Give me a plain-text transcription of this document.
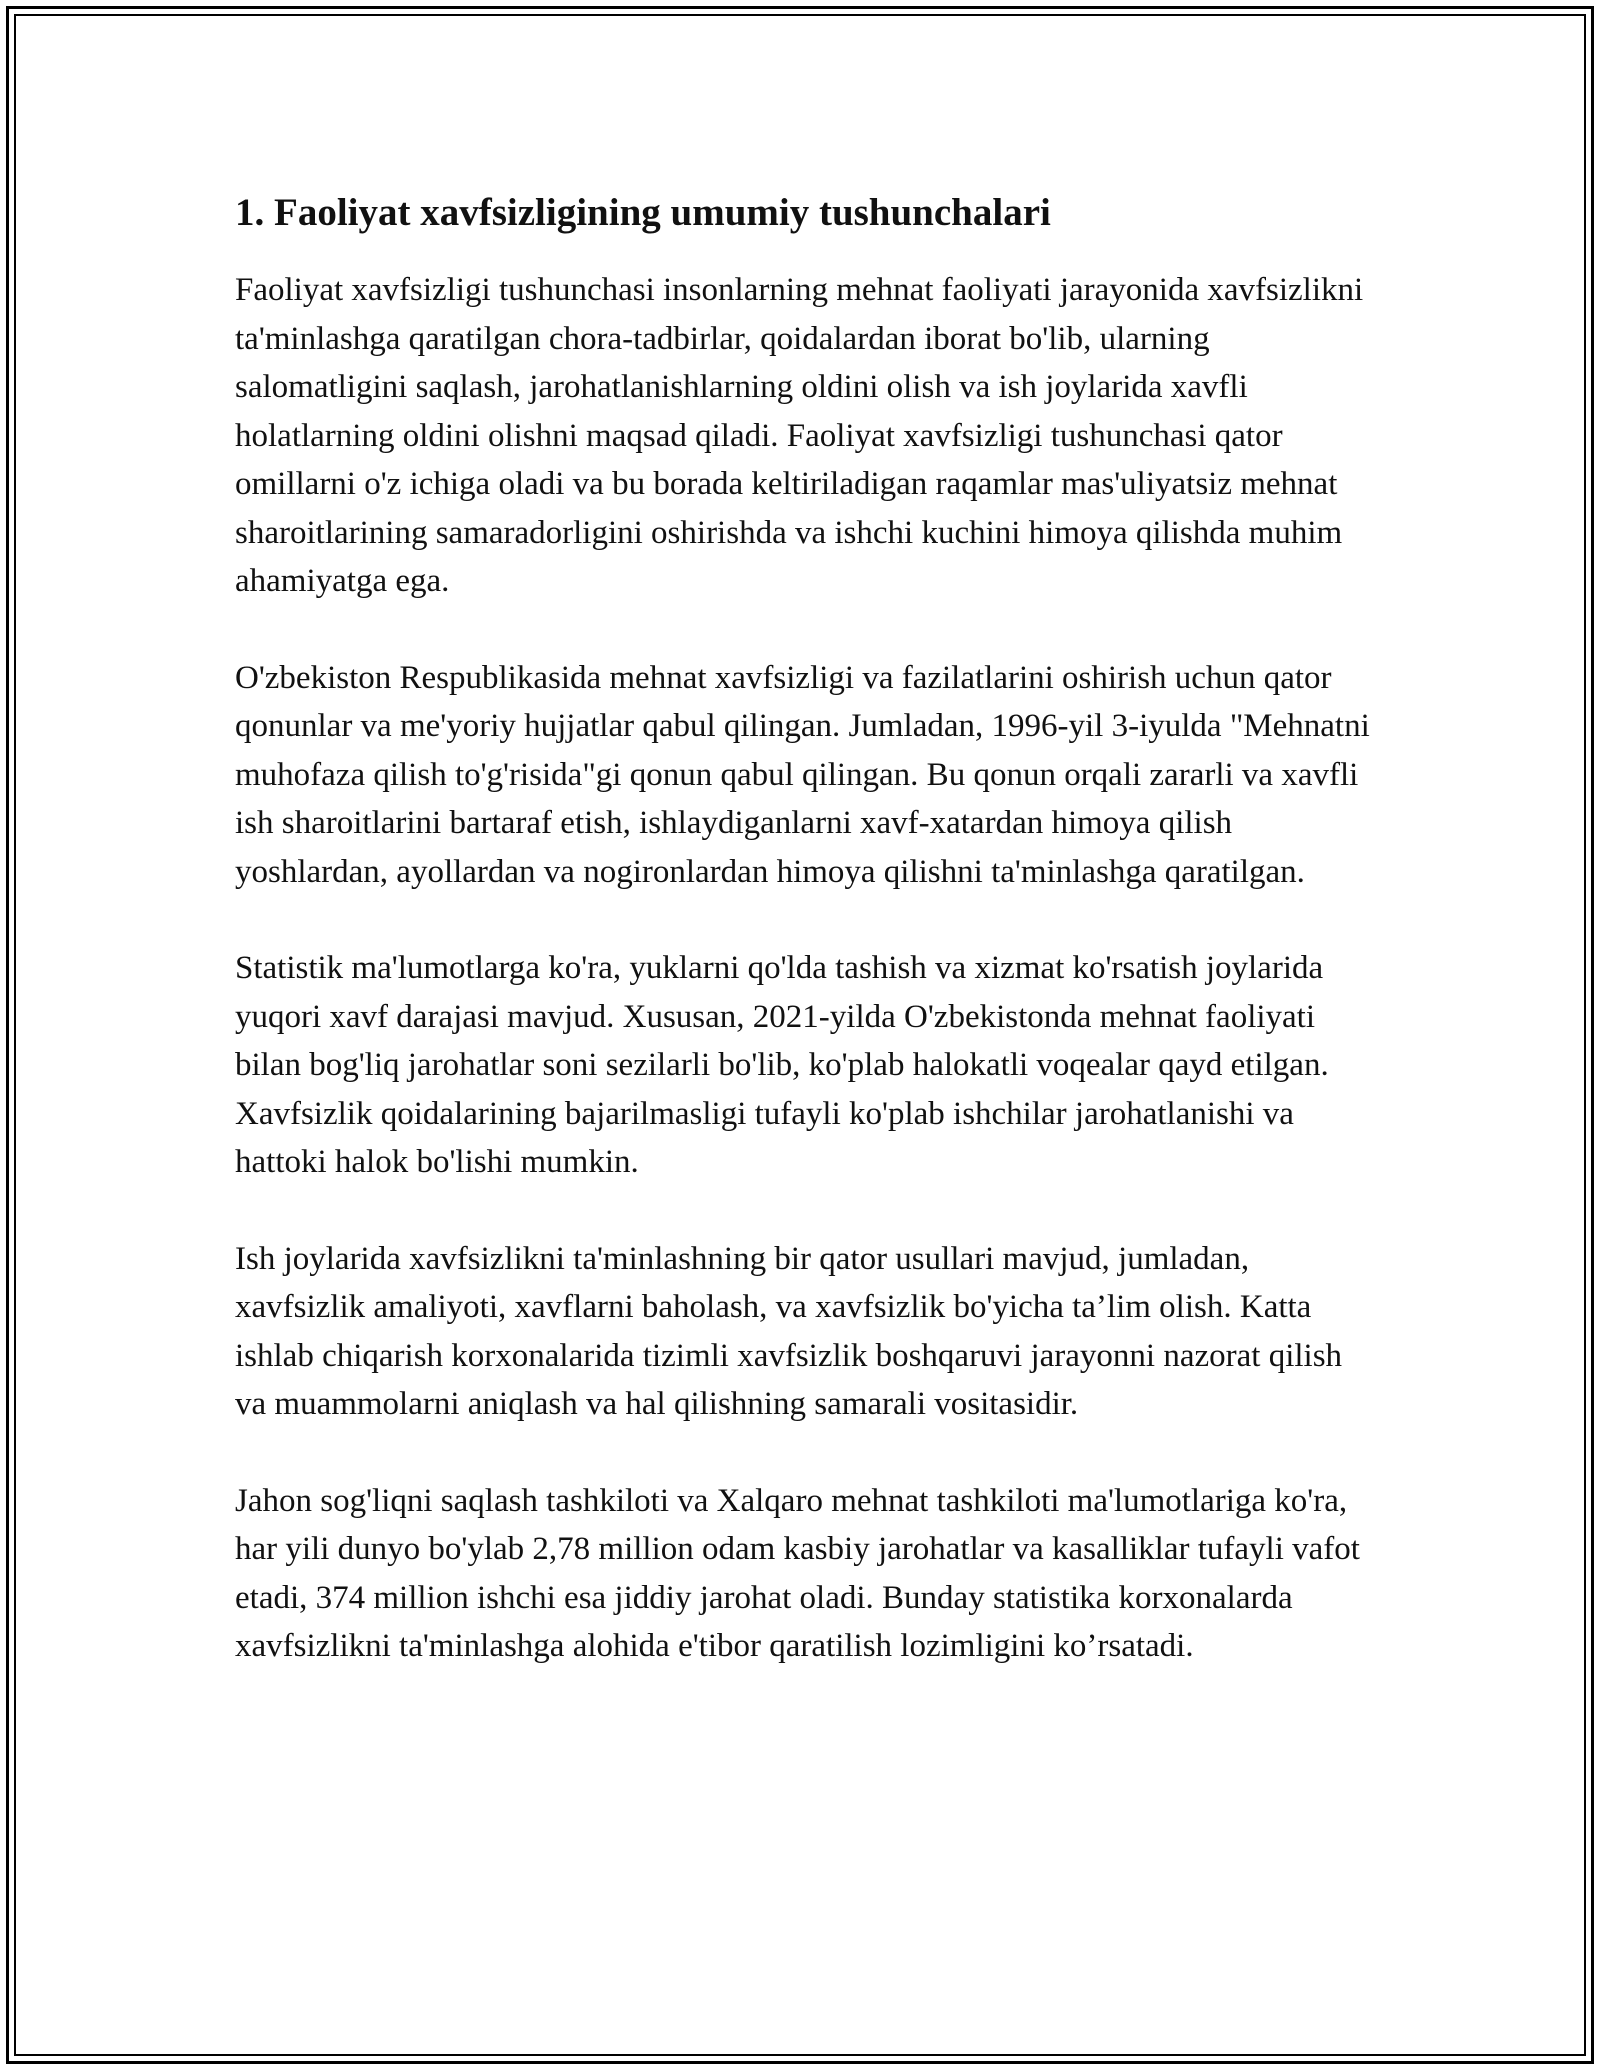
1. Faoliyat xavfsizligining umumiy tushunchalari

Faoliyat xavfsizligi tushunchasi insonlarning mehnat faoliyati jarayonida xavfsizlikni ta'minlashga qaratilgan chora-tadbirlar, qoidalardan iborat bo'lib, ularning salomatligini saqlash, jarohatlanishlarning oldini olish va ish joylarida xavfli holatlarning oldini olishni maqsad qiladi. Faoliyat xavfsizligi tushunchasi qator omillarni o'z ichiga oladi va bu borada keltiriladigan raqamlar mas'uliyatsiz mehnat sharoitlarining samaradorligini oshirishda va ishchi kuchini himoya qilishda muhim ahamiyatga ega.

O'zbekiston Respublikasida mehnat xavfsizligi va fazilatlarini oshirish uchun qator qonunlar va me'yoriy hujjatlar qabul qilingan. Jumladan, 1996-yil 3-iyulda "Mehnatni muhofaza qilish to'g'risida"gi qonun qabul qilingan. Bu qonun orqali zararli va xavfli ish sharoitlarini bartaraf etish, ishlaydiganlarni xavf-xatardan himoya qilish yoshlardan, ayollardan va nogironlardan himoya qilishni ta'minlashga qaratilgan.

Statistik ma'lumotlarga ko'ra, yuklarni qo'lda tashish va xizmat ko'rsatish joylarida yuqori xavf darajasi mavjud. Xususan, 2021-yilda O'zbekistonda mehnat faoliyati bilan bog'liq jarohatlar soni sezilarli bo'lib, ko'plab halokatli voqealar qayd etilgan. Xavfsizlik qoidalarining bajarilmasligi tufayli ko'plab ishchilar jarohatlanishi va hattoki halok bo'lishi mumkin.

Ish joylarida xavfsizlikni ta'minlashning bir qator usullari mavjud, jumladan, xavfsizlik amaliyoti, xavflarni baholash, va xavfsizlik bo'yicha ta’lim olish. Katta ishlab chiqarish korxonalarida tizimli xavfsizlik boshqaruvi jarayonni nazorat qilish va muammolarni aniqlash va hal qilishning samarali vositasidir.

Jahon sog'liqni saqlash tashkiloti va Xalqaro mehnat tashkiloti ma'lumotlariga ko'ra, har yili dunyo bo'ylab 2,78 million odam kasbiy jarohatlar va kasalliklar tufayli vafot etadi, 374 million ishchi esa jiddiy jarohat oladi. Bunday statistika korxonalarda xavfsizlikni ta'minlashga alohida e'tibor qaratilish lozimligini ko’rsatadi.
